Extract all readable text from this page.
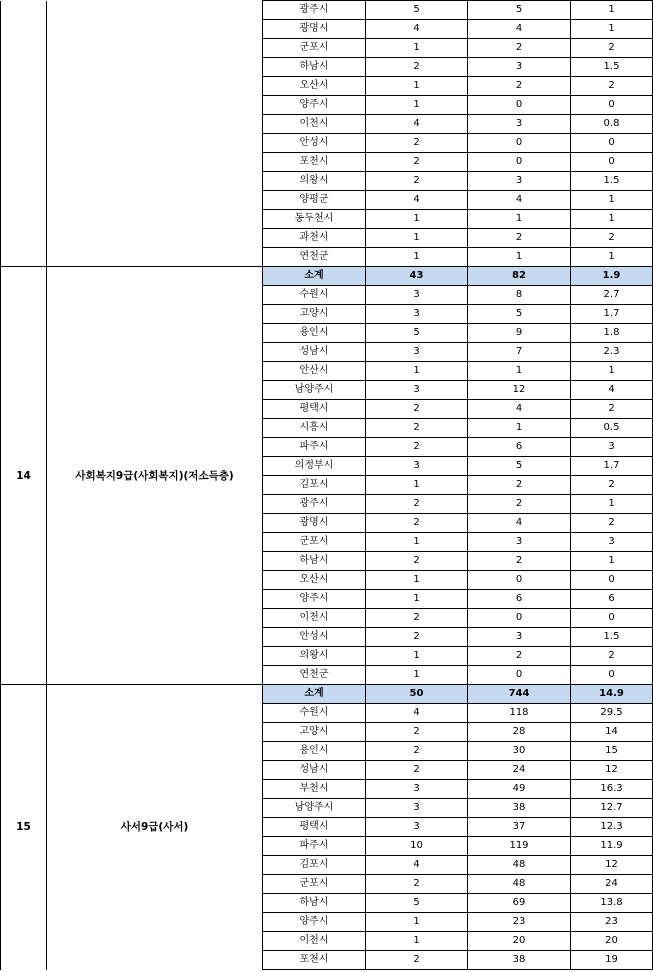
		광주시	5	5	1
		광명시	4	4	1
		군포시	1	2	2
		하남시	2	3	1.5
		오산시	1	2	2
		양주시	1	0	0
		이천시	4	3	0.8
		안성시	2	0	0
		포천시	2	0	0
		의왕시	2	3	1.5
		양평군	4	4	1
		동두천시	1	1	1
		과천시	1	2	2
		연천군	1	1	1
14	사회복지9급(사회복지)(저소득층)	소계	43	82	1.9
		수원시	3	8	2.7
		고양시	3	5	1.7
		용인시	5	9	1.8
		성남시	3	7	2.3
		안산시	1	1	1
		남양주시	3	12	4
		평택시	2	4	2
		시흥시	2	1	0.5
		파주시	2	6	3
		의정부시	3	5	1.7
		김포시	1	2	2
		광주시	2	2	1
		광명시	2	4	2
		군포시	1	3	3
		하남시	2	2	1
		오산시	1	0	0
		양주시	1	6	6
		이천시	2	0	0
		안성시	2	3	1.5
		의왕시	1	2	2
		연천군	1	0	0
15	사서9급(사서)	소계	50	744	14.9
		수원시	4	118	29.5
		고양시	2	28	14
		용인시	2	30	15
		성남시	2	24	12
		부천시	3	49	16.3
		남양주시	3	38	12.7
		평택시	3	37	12.3
		파주시	10	119	11.9
		김포시	4	48	12
		군포시	2	48	24
		하남시	5	69	13.8
		양주시	1	23	23
		이천시	1	20	20
		포천시	2	38	19
